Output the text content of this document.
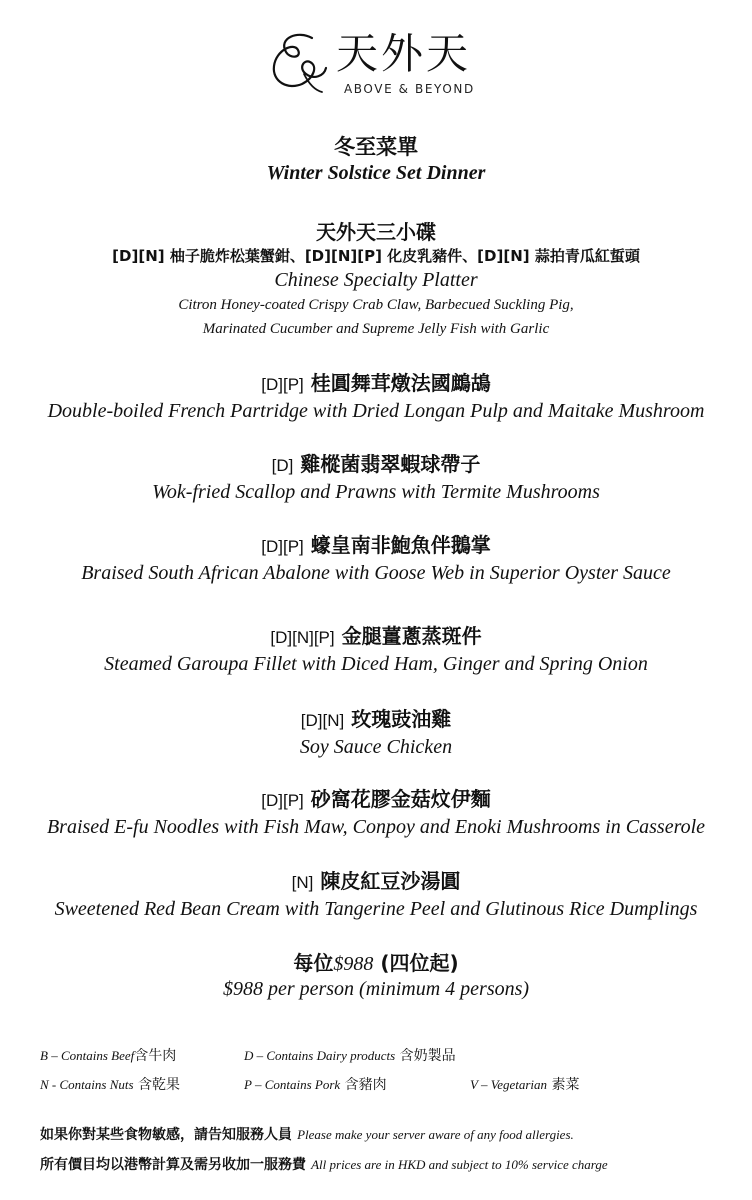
天外天
ABOVE & BEYOND
冬至菜單
Winter Solstice Set Dinner
天外天三小碟
[D][N] 柚子脆炸松葉蟹鉗、[D][N][P] 化皮乳豬件、[D][N] 蒜拍青瓜紅蜇頭
Chinese Specialty Platter
Citron Honey-coated Crispy Crab Claw, Barbecued Suckling Pig,
Marinated Cucumber and Supreme Jelly Fish with Garlic
[D][P] 桂圓舞茸燉法國鷓鴣
Double-boiled French Partridge with Dried Longan Pulp and Maitake Mushroom
[D] 雞樅菌翡翠蝦球帶子
Wok-fried Scallop and Prawns with Termite Mushrooms
[D][P] 蠔皇南非鮑魚伴鵝掌
Braised South African Abalone with Goose Web in Superior Oyster Sauce
[D][N][P] 金腿薑蔥蒸斑件
Steamed Garoupa Fillet with Diced Ham, Ginger and Spring Onion
[D][N] 玫瑰豉油雞
Soy Sauce Chicken
[D][P] 砂窩花膠金菇炆伊麵
Braised E-fu Noodles with Fish Maw, Conpoy and Enoki Mushrooms in Casserole
[N] 陳皮紅豆沙湯圓
Sweetened Red Bean Cream with Tangerine Peel and Glutinous Rice Dumplings
每位$988 (四位起)
$988 per person (minimum 4 persons)
B – Contains Beef含牛肉	D – Contains Dairy products 含奶製品
N - Contains Nuts 含乾果	P – Contains Pork 含豬肉	V – Vegetarian 素菜
如果你對某些食物敏感，請告知服務人員 Please make your server aware of any food allergies.
所有價目均以港幣計算及需另收加一服務費 All prices are in HKD and subject to 10% service charge
